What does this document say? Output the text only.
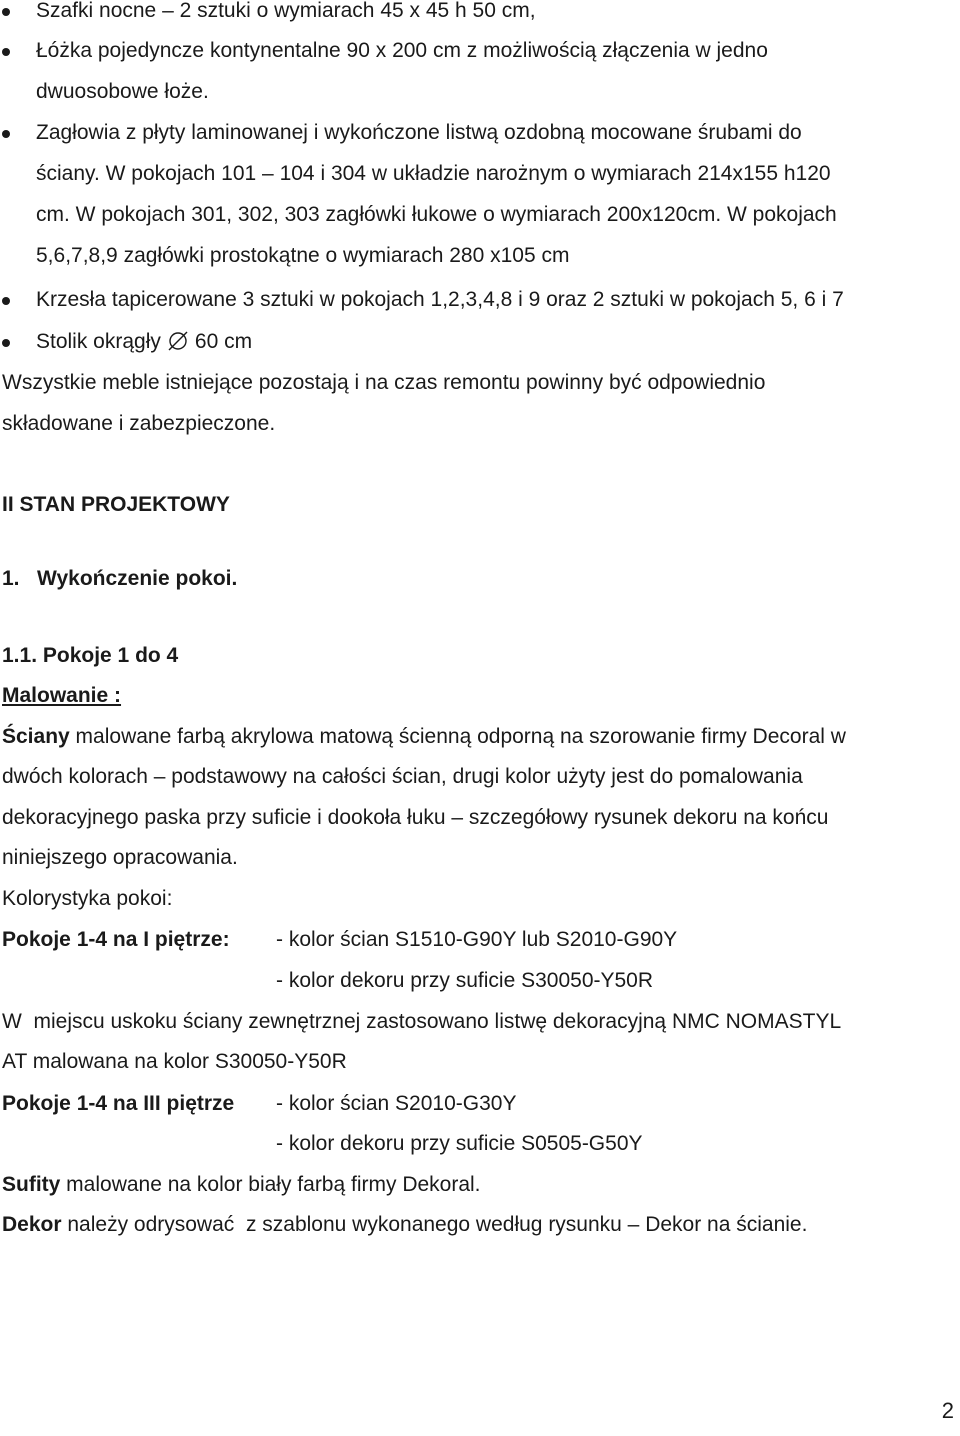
Szafki nocne – 2 sztuki o wymiarach 45 x 45 h 50 cm,
Łóżka pojedyncze kontynentalne 90 x 200 cm z możliwością złączenia w jedno
dwuosobowe łoże.
Zagłowia z płyty laminowanej i wykończone listwą ozdobną mocowane śrubami do
ściany. W pokojach 101 – 104 i 304 w układzie narożnym o wymiarach 214x155 h120
cm. W pokojach 301, 302, 303 zagłówki łukowe o wymiarach 200x120cm. W pokojach
5,6,7,8,9 zagłówki prostokątne o wymiarach 280 x105 cm
Krzesła tapicerowane 3 sztuki w pokojach 1,2,3,4,8 i 9 oraz 2 sztuki w pokojach 5, 6 i 7
Stolik okrągły 60 cm
Wszystkie meble istniejące pozostają i na czas remontu powinny być odpowiednio
składowane i zabezpieczone.
II STAN PROJEKTOWY
1.   Wykończenie pokoi.
1.1. Pokoje 1 do 4
Malowanie :
Ściany malowane farbą akrylowa matową ścienną odporną na szorowanie firmy Decoral w
dwóch kolorach – podstawowy na całości ścian, drugi kolor użyty jest do pomalowania
dekoracyjnego paska przy suficie i dookoła łuku – szczegółowy rysunek dekoru na końcu
niniejszego opracowania.
Kolorystyka pokoi:
Pokoje 1-4 na I piętrze: - kolor ścian S1510-G90Y lub S2010-G90Y
- kolor dekoru przy suficie S30050-Y50R
W  miejscu uskoku ściany zewnętrznej zastosowano listwę dekoracyjną NMC NOMASTYL
AT malowana na kolor S30050-Y50R
Pokoje 1-4 na III piętrze - kolor ścian S2010-G30Y
- kolor dekoru przy suficie S0505-G50Y
Sufity malowane na kolor biały farbą firmy Dekoral.
Dekor należy odrysować  z szablonu wykonanego według rysunku – Dekor na ścianie.
2
